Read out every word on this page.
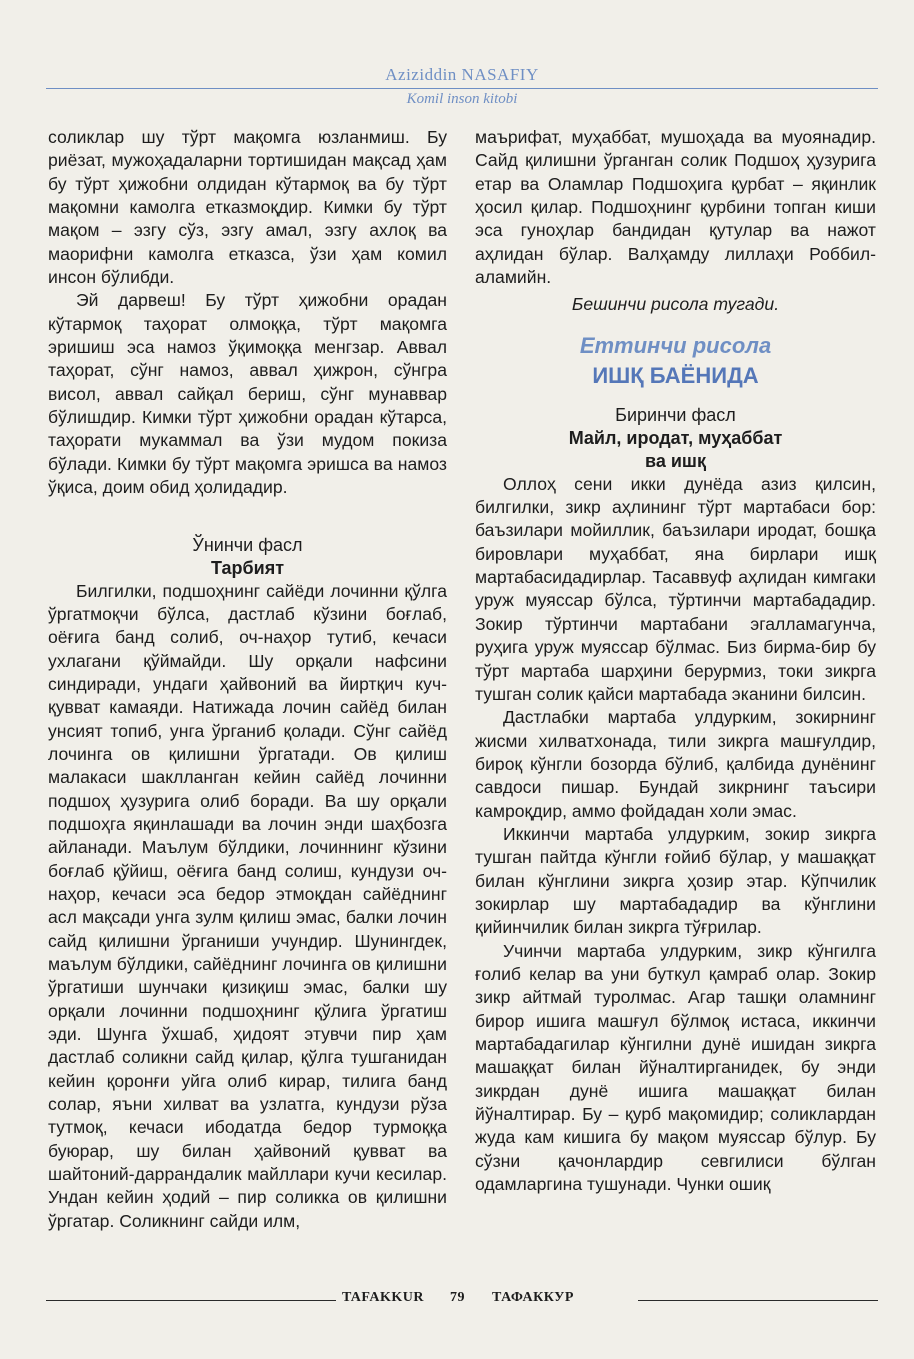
Aziziddin NASAFIY
Komil inson kitobi

соликлар шу тўрт мақомга юзланмиш. Бу риёзат, мужоҳадаларни тортишидан мақсад ҳам бу тўрт ҳижобни олдидан кўтармоқ ва бу тўрт мақомни камолга етказмоқдир. Кимки бу тўрт мақом – эзгу сўз, эзгу амал, эзгу ахлоқ ва маорифни камолга етказса, ўзи ҳам комил инсон бўлибди.

Эй дарвеш! Бу тўрт ҳижобни орадан кўтармоқ таҳорат олмоққа, тўрт мақомга эришиш эса намоз ўқимоққа менгзар. Аввал таҳорат, сўнг намоз, аввал ҳижрон, сўнгра висол, аввал сайқал бериш, сўнг мунаввар бўлишдир. Кимки тўрт ҳижобни орадан кўтарса, таҳорати мукаммал ва ўзи мудом покиза бўлади. Кимки бу тўрт мақомга эришса ва намоз ўқиса, доим обид ҳолидадир.

Ўнинчи фасл
Тарбият

Билгилки, подшоҳнинг сайёди лочинни қўлга ўргатмоқчи бўлса, дастлаб кўзини боғлаб, оёғига банд солиб, оч-наҳор тутиб, кечаси ухлагани қўймайди. Шу орқали нафсини синдиради, ундаги ҳайвоний ва йиртқич куч-қувват камаяди. Натижада лочин сайёд билан унсият топиб, унга ўрганиб қолади. Сўнг сайёд лочинга ов қилишни ўргатади. Ов қилиш малакаси шаклланган кейин сайёд лочинни подшоҳ ҳузурига олиб боради. Ва шу орқали подшоҳга яқинлашади ва лочин энди шаҳбозга айланади. Маълум бўлдики, лочиннинг кўзини боғлаб қўйиш, оёғига банд солиш, кундузи оч-наҳор, кечаси эса бедор этмоқдан сайёднинг асл мақсади унга зулм қилиш эмас, балки лочин сайд қилишни ўрганиши учундир. Шунингдек, маълум бўлдики, сайёднинг лочинга ов қилишни ўргатиши шунчаки қизиқиш эмас, балки шу орқали лочинни подшоҳнинг қўлига ўргатиш эди. Шунга ўхшаб, ҳидоят этувчи пир ҳам дастлаб соликни сайд қилар, қўлга тушганидан кейин қоронғи уйга олиб кирар, тилига банд солар, яъни хилват ва узлатга, кундузи рўза тутмоқ, кечаси ибодатда бедор турмоққа буюрар, шу билан ҳайвоний қувват ва шайтоний-даррандалик майллари кучи кесилар. Ундан кейин ҳодий – пир соликка ов қилишни ўргатар. Соликнинг сайди илм,

маърифат, муҳаббат, мушоҳада ва муоянадир. Сайд қилишни ўрганган солик Подшоҳ ҳузурига етар ва Оламлар Подшоҳига қурбат – яқинлик ҳосил қилар. Подшоҳнинг қурбини топган киши эса гуноҳлар бандидан қутулар ва нажот аҳлидан бўлар. Валҳамду лиллаҳи Роббил-аламийн.

Бешинчи рисола тугади.
Еттинчи рисола
ИШҚ БАЁНИДА
Биринчи фасл
Майл, иродат, муҳаббат
ва ишқ

Оллоҳ сени икки дунёда азиз қилсин, билгилки, зикр аҳлининг тўрт мартабаси бор: баъзилари мойиллик, баъзилари иродат, бошқа бировлари муҳаббат, яна бирлари ишқ мартабасидадирлар. Тасаввуф аҳлидан кимгаки уруж муяссар бўлса, тўртинчи мартабададир. Зокир тўртинчи мартабани эгалламагунча, руҳига уруж муяссар бўлмас. Биз бирма-бир бу тўрт мартаба шарҳини берурмиз, токи зикрга тушган солик қайси мартабада эканини билсин.

Дастлабки мартаба улдурким, зокирнинг жисми хилватхонада, тили зикрга машғулдир, бироқ кўнгли бозорда бўлиб, қалбида дунёнинг савдоси пишар. Бундай зикрнинг таъсири камроқдир, аммо фойдадан холи эмас.

Иккинчи мартаба улдурким, зокир зикрга тушган пайтда кўнгли ғойиб бўлар, у машаққат билан кўнглини зикрга ҳозир этар. Кўпчилик зокирлар шу мартабададир ва кўнглини қийинчилик билан зикрга тўғрилар.

Учинчи мартаба улдурким, зикр кўнгилга ғолиб келар ва уни буткул қамраб олар. Зокир зикр айтмай туролмас. Агар ташқи оламнинг бирор ишига машғул бўлмоқ истаса, иккинчи мартабадагилар кўнгилни дунё ишидан зикрга машаққат билан йўналтирганидек, бу энди зикрдан дунё ишига машаққат билан йўналтирар. Бу – қурб мақомидир; соликлардан жуда кам кишига бу мақом муяссар бўлур. Бу сўзни қачонлардир севгилиси бўлган одамларгина тушунади. Чунки ошиқ

TAFAKKUR 79 ТАФАККУР
